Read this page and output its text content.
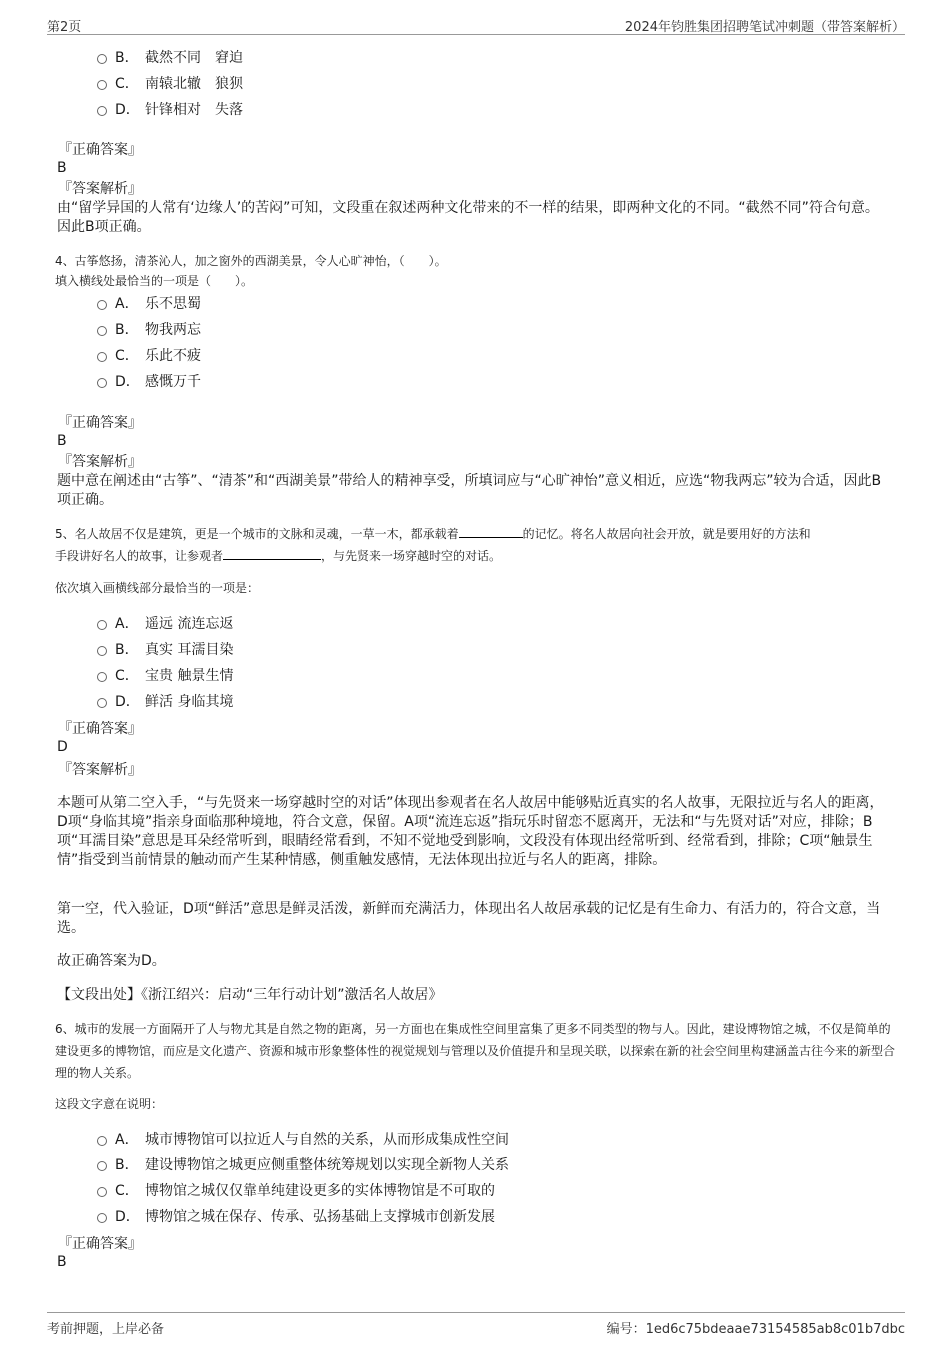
第2页	2024年钧胜集团招聘笔试冲刺题（带答案解析）
B． 截然不同　窘迫
C． 南辕北辙　狼狈
D． 针锋相对　失落
『正确答案』
B
『答案解析』
由“留学异国的人常有‘边缘人’的苦闷”可知，文段重在叙述两种文化带来的不一样的结果，即两种文化的不同。“截然不同”符合句意。因此B项正确。
4、古筝悠扬，清茶沁人，加之窗外的西湖美景，令人心旷神怡，（　　）。
填入横线处最恰当的一项是（　　）。
A． 乐不思蜀
B． 物我两忘
C． 乐此不疲
D． 感慨万千
『正确答案』
B
『答案解析』
题中意在阐述由“古筝”、“清茶”和“西湖美景”带给人的精神享受，所填词应与“心旷神怡”意义相近，应选“物我两忘”较为合适，因此B项正确。
5、名人故居不仅是建筑，更是一个城市的文脉和灵魂，一草一木，都承载着	的记忆。将名人故居向社会开放，就是要用好的方法和
手段讲好名人的故事，让参观者	，与先贤来一场穿越时空的对话。
依次填入画横线部分最恰当的一项是：
A． 遥远 流连忘返
B． 真实 耳濡目染
C． 宝贵 触景生情
D． 鲜活 身临其境
『正确答案』
D
『答案解析』
本题可从第二空入手，“与先贤来一场穿越时空的对话”体现出参观者在名人故居中能够贴近真实的名人故事，无限拉近与名人的距离，D项“身临其境”指亲身面临那种境地，符合文意，保留。A项“流连忘返”指玩乐时留恋不愿离开，无法和“与先贤对话”对应，排除；B项“耳濡目染”意思是耳朵经常听到，眼睛经常看到，不知不觉地受到影响，文段没有体现出经常听到、经常看到，排除；C项“触景生情”指受到当前情景的触动而产生某种情感，侧重触发感情，无法体现出拉近与名人的距离，排除。
第一空，代入验证，D项“鲜活”意思是鲜灵活泼，新鲜而充满活力，体现出名人故居承载的记忆是有生命力、有活力的，符合文意，当选。
故正确答案为D。
【文段出处】《浙江绍兴：启动“三年行动计划”激活名人故居》
6、城市的发展一方面隔开了人与物尤其是自然之物的距离，另一方面也在集成性空间里富集了更多不同类型的物与人。因此，建设博物馆之城，不仅是简单的建设更多的博物馆，而应是文化遗产、资源和城市形象整体性的视觉规划与管理以及价值提升和呈现关联，以探索在新的社会空间里构建涵盖古往今来的新型合理的物人关系。
这段文字意在说明：
A． 城市博物馆可以拉近人与自然的关系，从而形成集成性空间
B． 建设博物馆之城更应侧重整体统筹规划以实现全新物人关系
C． 博物馆之城仅仅靠单纯建设更多的实体博物馆是不可取的
D． 博物馆之城在保存、传承、弘扬基础上支撑城市创新发展
『正确答案』
B
考前押题，上岸必备	编号：1ed6c75bdeaae73154585ab8c01b7dbc
